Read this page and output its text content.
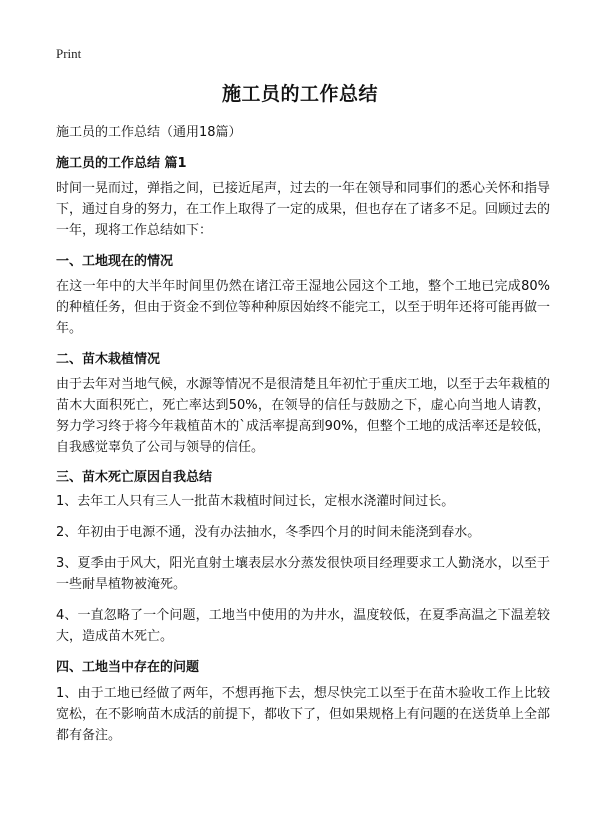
Print
施工员的工作总结
施工员的工作总结（通用18篇）
施工员的工作总结 篇1
时间一晃而过，弹指之间，已接近尾声，过去的一年在领导和同事们的悉心关怀和指导下，通过自身的努力，在工作上取得了一定的成果，但也存在了诸多不足。回顾过去的一年，现将工作总结如下：
一、工地现在的情况
在这一年中的大半年时间里仍然在诸江帝王湿地公园这个工地，整个工地已完成80%的种植任务，但由于资金不到位等种种原因始终不能完工，以至于明年还将可能再做一年。
二、苗木栽植情况
由于去年对当地气候，水源等情况不是很清楚且年初忙于重庆工地，以至于去年栽植的苗木大面积死亡，死亡率达到50%，在领导的信任与鼓励之下，虚心向当地人请教，努力学习终于将今年栽植苗木的`成活率提高到90%，但整个工地的成活率还是较低，自我感觉辜负了公司与领导的信任。
三、苗木死亡原因自我总结
1、去年工人只有三人一批苗木栽植时间过长，定根水浇灌时间过长。
2、年初由于电源不通，没有办法抽水，冬季四个月的时间未能浇到春水。
3、夏季由于风大，阳光直射土壤表层水分蒸发很快项目经理要求工人勤浇水，以至于一些耐旱植物被淹死。
4、一直忽略了一个问题，工地当中使用的为井水，温度较低，在夏季高温之下温差较大，造成苗木死亡。
四、工地当中存在的问题
1、由于工地已经做了两年，不想再拖下去，想尽快完工以至于在苗木验收工作上比较宽松，在不影响苗木成活的前提下，都收下了，但如果规格上有问题的在送货单上全部都有备注。
